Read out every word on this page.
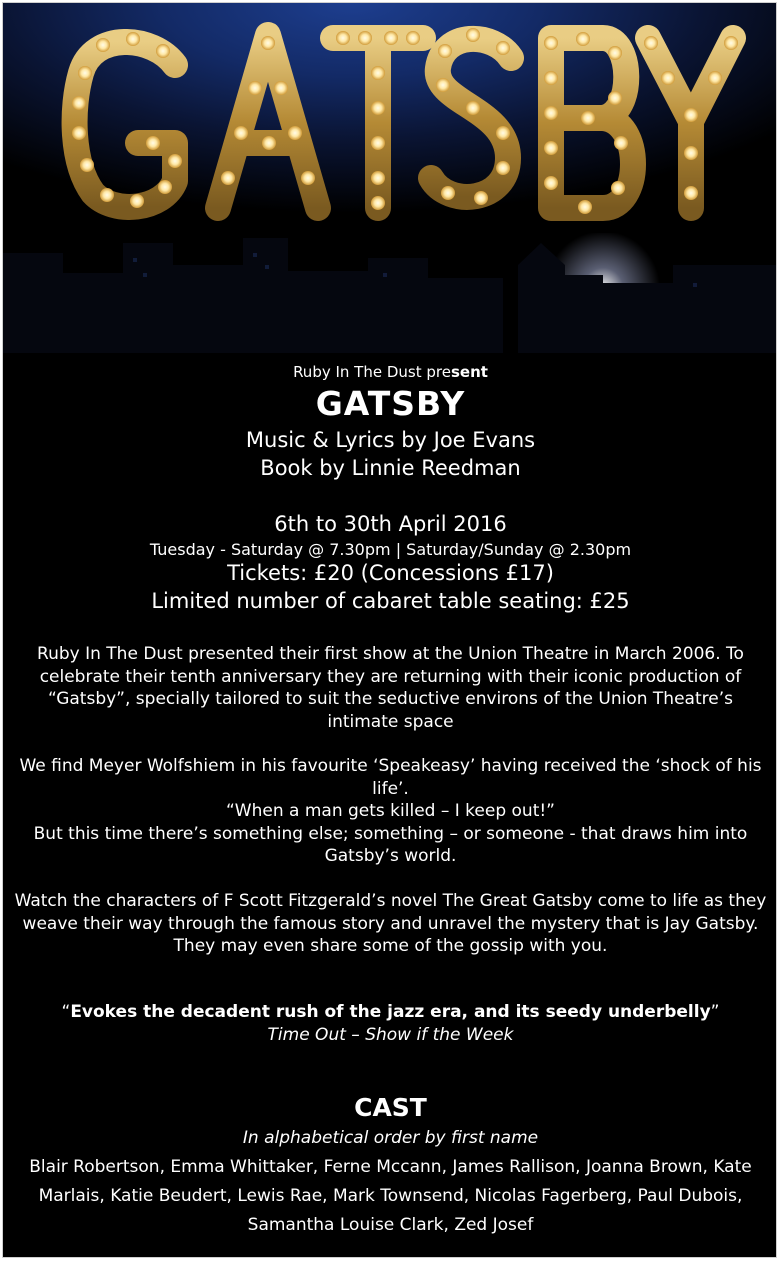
Ruby In The Dust present
GATSBY
Music & Lyrics by Joe Evans
Book by Linnie Reedman
6th to 30th April 2016
Tuesday - Saturday @ 7.30pm | Saturday/Sunday @ 2.30pm
Tickets: £20 (Concessions £17)
Limited number of cabaret table seating: £25
Ruby In The Dust presented their first show at the Union Theatre in March 2006. To celebrate their tenth anniversary they are returning with their iconic production of “Gatsby”, specially tailored to suit the seductive environs of the Union Theatre’s intimate space
We find Meyer Wolfshiem in his favourite ‘Speakeasy’ having received the ‘shock of his life’.
“When a man gets killed – I keep out!”
But this time there’s something else; something – or someone - that draws him into Gatsby’s world.
Watch the characters of F Scott Fitzgerald’s novel The Great Gatsby come to life as they weave their way through the famous story and unravel the mystery that is Jay Gatsby. They may even share some of the gossip with you.
“Evokes the decadent rush of the jazz era, and its seedy underbelly”
Time Out – Show if the Week
CAST
In alphabetical order by first name
Blair Robertson, Emma Whittaker, Ferne Mccann, James Rallison, Joanna Brown, Kate Marlais, Katie Beudert, Lewis Rae, Mark Townsend, Nicolas Fagerberg, Paul Dubois, Samantha Louise Clark, Zed Josef
